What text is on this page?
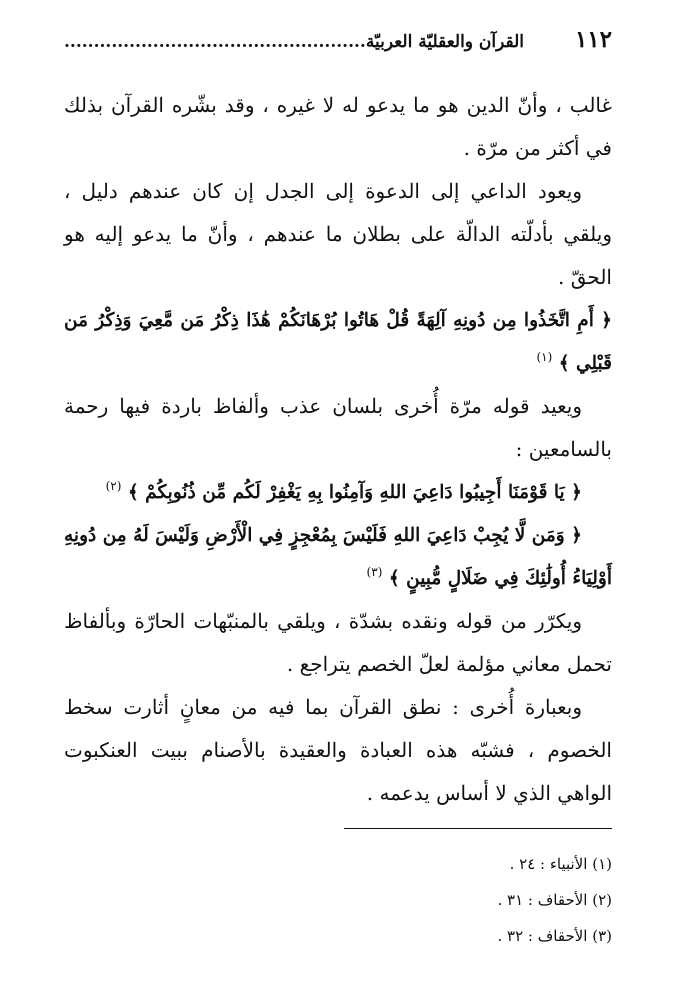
١١٢
القرآن والعقليّة العربيّة...................................................

غالب ، وأنّ الدين هو ما يدعو له لا غيره ، وقد بشّره القرآن بذلك في أكثر من مرّة .

ويعود الداعي إلى الدعوة إلى الجدل إن كان عندهم دليل ، ويلقي بأدلّته الدالّة على بطلان ما عندهم ، وأنّ ما يدعو إليه هو الحقّ .

﴿ أَمِ اتَّخَذُوا مِن دُونِهِ آلِهَةً قُلْ هَاتُوا بُرْهَانَكُمْ هَٰذَا ذِكْرُ مَن مَّعِيَ وَذِكْرُ مَن قَبْلِي ﴾ $^{(١)}$

ويعيد قوله مرّة أُخرى بلسان عذب وألفاظ باردة فيها رحمة بالسامعين :

﴿ يَا قَوْمَنَا أَجِيبُوا دَاعِيَ اللهِ وَآمِنُوا بِهِ يَغْفِرْ لَكُم مِّن ذُنُوبِكُمْ ﴾ $^{(٢)}$

﴿ وَمَن لَّا يُجِبْ دَاعِيَ اللهِ فَلَيْسَ بِمُعْجِزٍ فِي الْأَرْضِ وَلَيْسَ لَهُ مِن دُونِهِ أَوْلِيَاءُ أُولَٰئِكَ فِي ضَلَالٍ مُّبِينٍ ﴾ $^{(٣)}$

ويكرّر من قوله ونقده بشدّة ، ويلقي بالمنبّهات الحارّة وبألفاظ تحمل معاني مؤلمة لعلّ الخصم يتراجع .

وبعبارة أُخرى : نطق القرآن بما فيه من معانٍ أثارت سخط الخصوم ، فشبّه هذه العبادة والعقيدة بالأصنام ببيت العنكبوت الواهي الذي لا أساس يدعمه .

(١) الأنبياء : ٢٤ .

(٢) الأحقاف : ٣١ .

(٣) الأحقاف : ٣٢ .
